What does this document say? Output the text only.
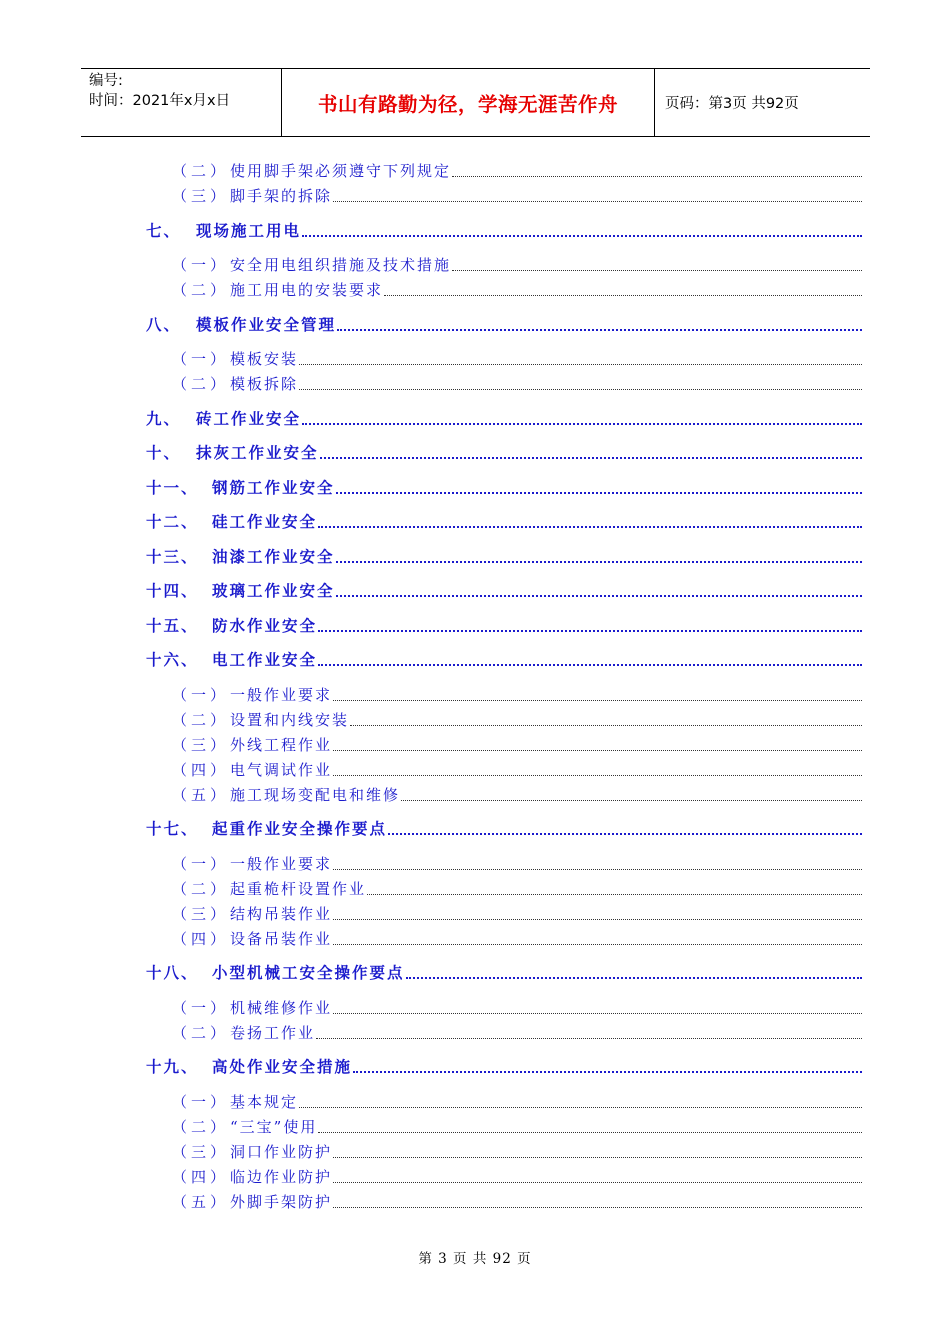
编号:
时间：2021年x月x日	书山有路勤为径，学海无涯苦作舟	页码：第3页 共92页
（二） 使用脚手架必须遵守下列规定
（三） 脚手架的拆除
七、 现场施工用电
（一） 安全用电组织措施及技术措施
（二） 施工用电的安装要求
八、 模板作业安全管理
（一） 模板安装
（二） 模板拆除
九、 砖工作业安全
十、 抹灰工作业安全
十一、 钢筋工作业安全
十二、 硅工作业安全
十三、 油漆工作业安全
十四、 玻璃工作业安全
十五、 防水作业安全
十六、 电工作业安全
（一） 一般作业要求
（二） 设置和内线安装
（三） 外线工程作业
（四） 电气调试作业
（五） 施工现场变配电和维修
十七、 起重作业安全操作要点
（一） 一般作业要求
（二） 起重桅杆设置作业
（三） 结构吊装作业
（四） 设备吊装作业
十八、 小型机械工安全操作要点
（一） 机械维修作业
（二） 卷扬工作业
十九、 高处作业安全措施
（一） 基本规定
（二） “三宝”使用
（三） 洞口作业防护
（四） 临边作业防护
（五） 外脚手架防护
第 3 页 共 92 页
